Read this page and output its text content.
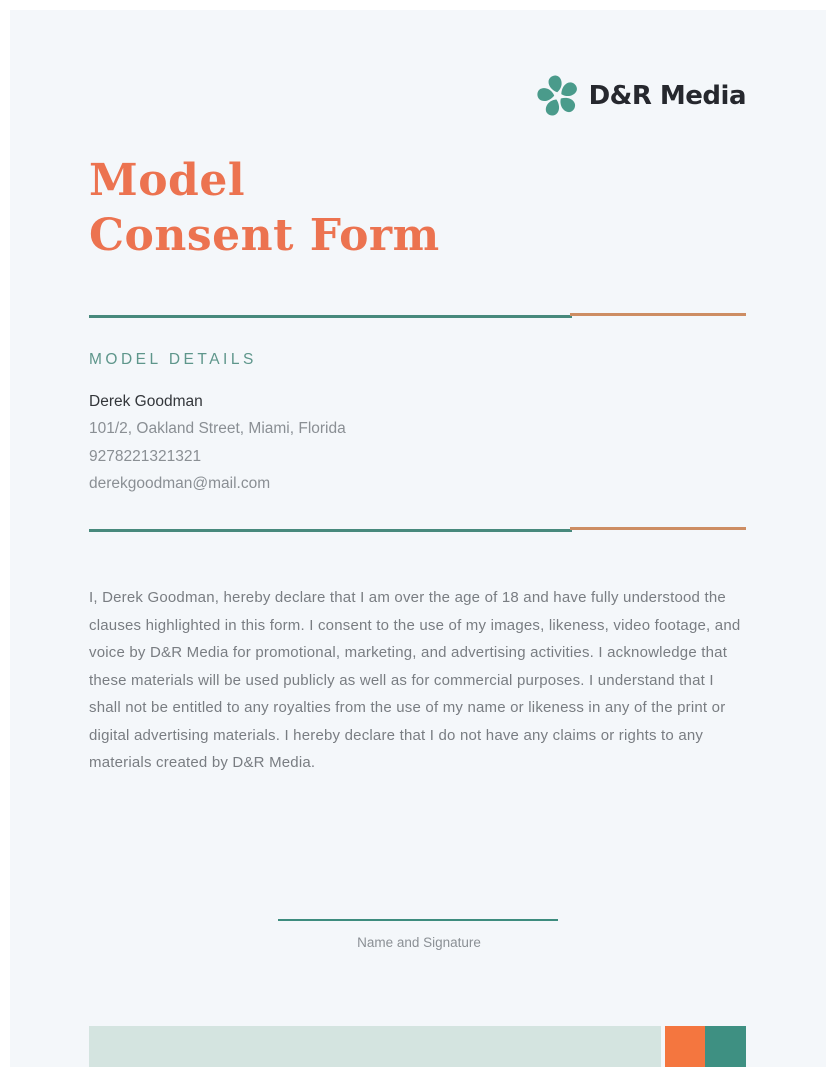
D&R Media
Model
Consent Form
MODEL DETAILS

Derek Goodman

101/2, Oakland Street, Miami, Florida

9278221321321

derekgoodman@mail.com

I, Derek Goodman, hereby declare that I am over the age of 18 and have fully understood the clauses highlighted in this form. I consent to the use of my images, likeness, video footage, and voice by D&R Media for promotional, marketing, and advertising activities. I acknowledge that these materials will be used publicly as well as for commercial purposes. I understand that I shall not be entitled to any royalties from the use of my name or likeness in any of the print or digital advertising materials. I hereby declare that I do not have any claims or rights to any materials created by D&R Media.

Name and Signature
